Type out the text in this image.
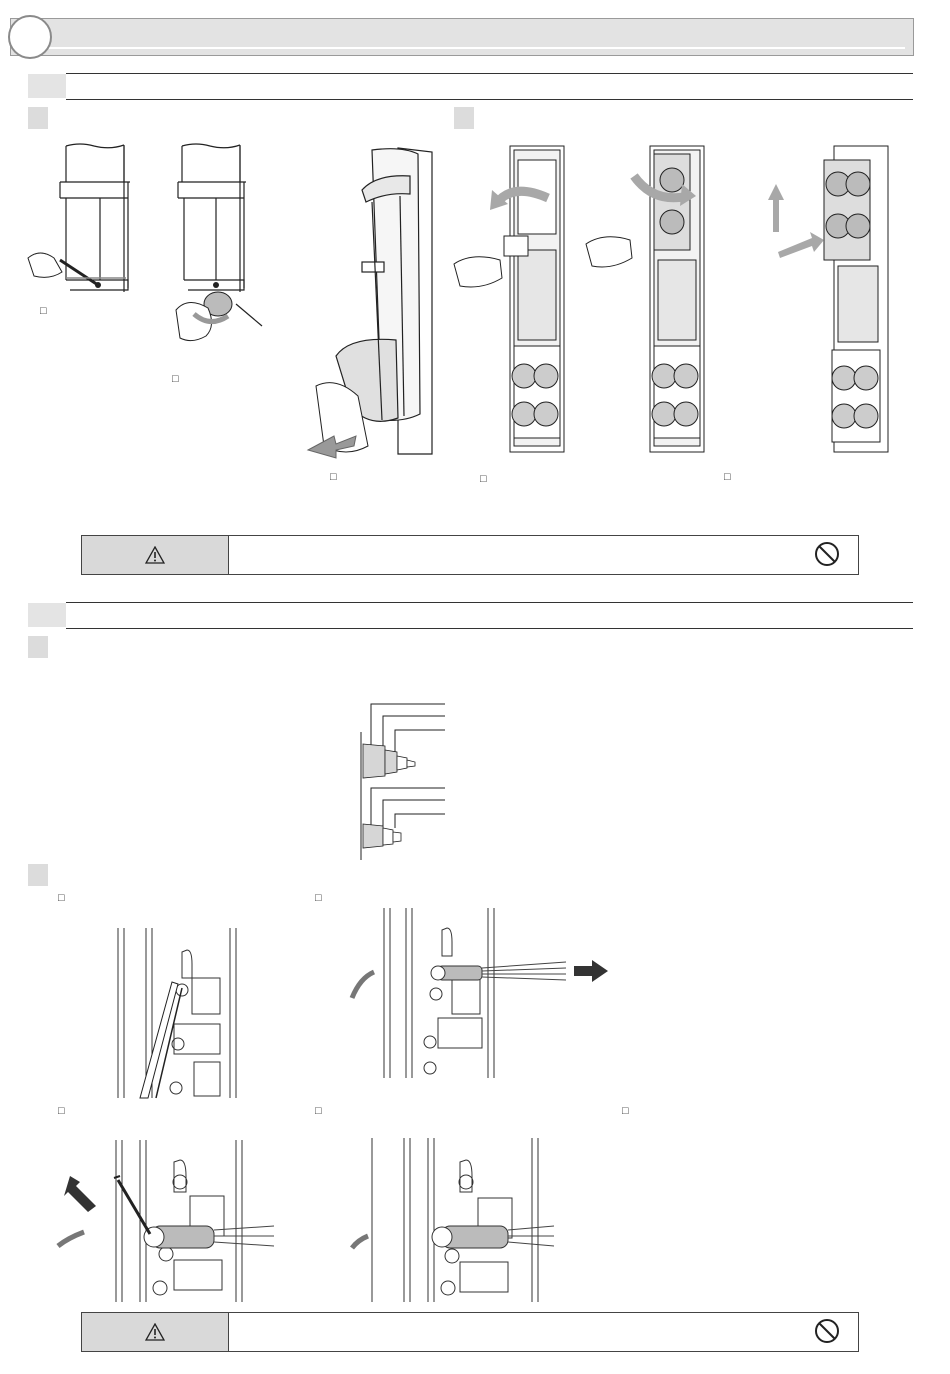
□
□
□	□	□
□	□
□	□	□
